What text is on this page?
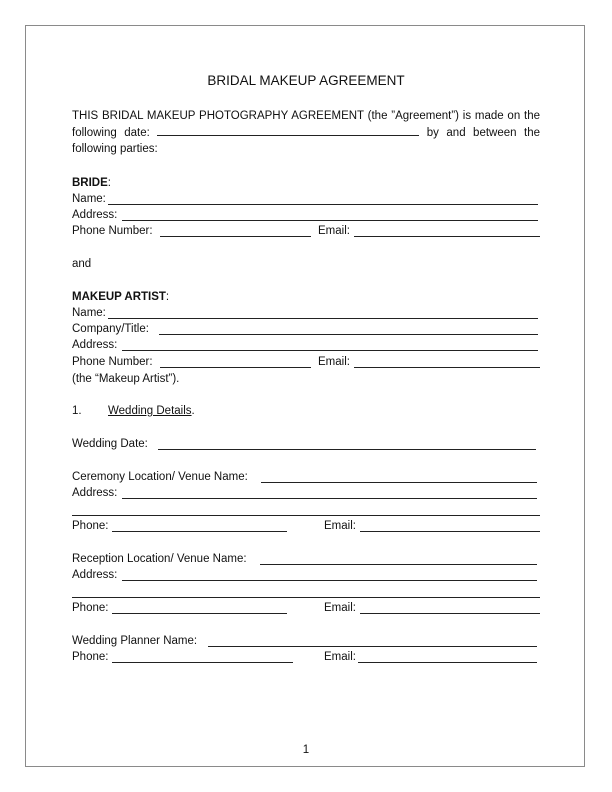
BRIDAL MAKEUP AGREEMENT
THIS BRIDAL MAKEUP PHOTOGRAPHY AGREEMENT (the ”Agreement”) is made on the following date:	by and between the following parties:
BRIDE:
Name:
Address:
Phone Number:	Email:
and
MAKEUP ARTIST:
Name:
Company/Title:
Address:
Phone Number:	Email:
(the “Makeup Artist”).
1. Wedding Details.
Wedding Date:
Ceremony Location/ Venue Name:
Address:
Phone:	Email:
Reception Location/ Venue Name:
Address:
Phone:	Email:
Wedding Planner Name:
Phone:	Email:
1
